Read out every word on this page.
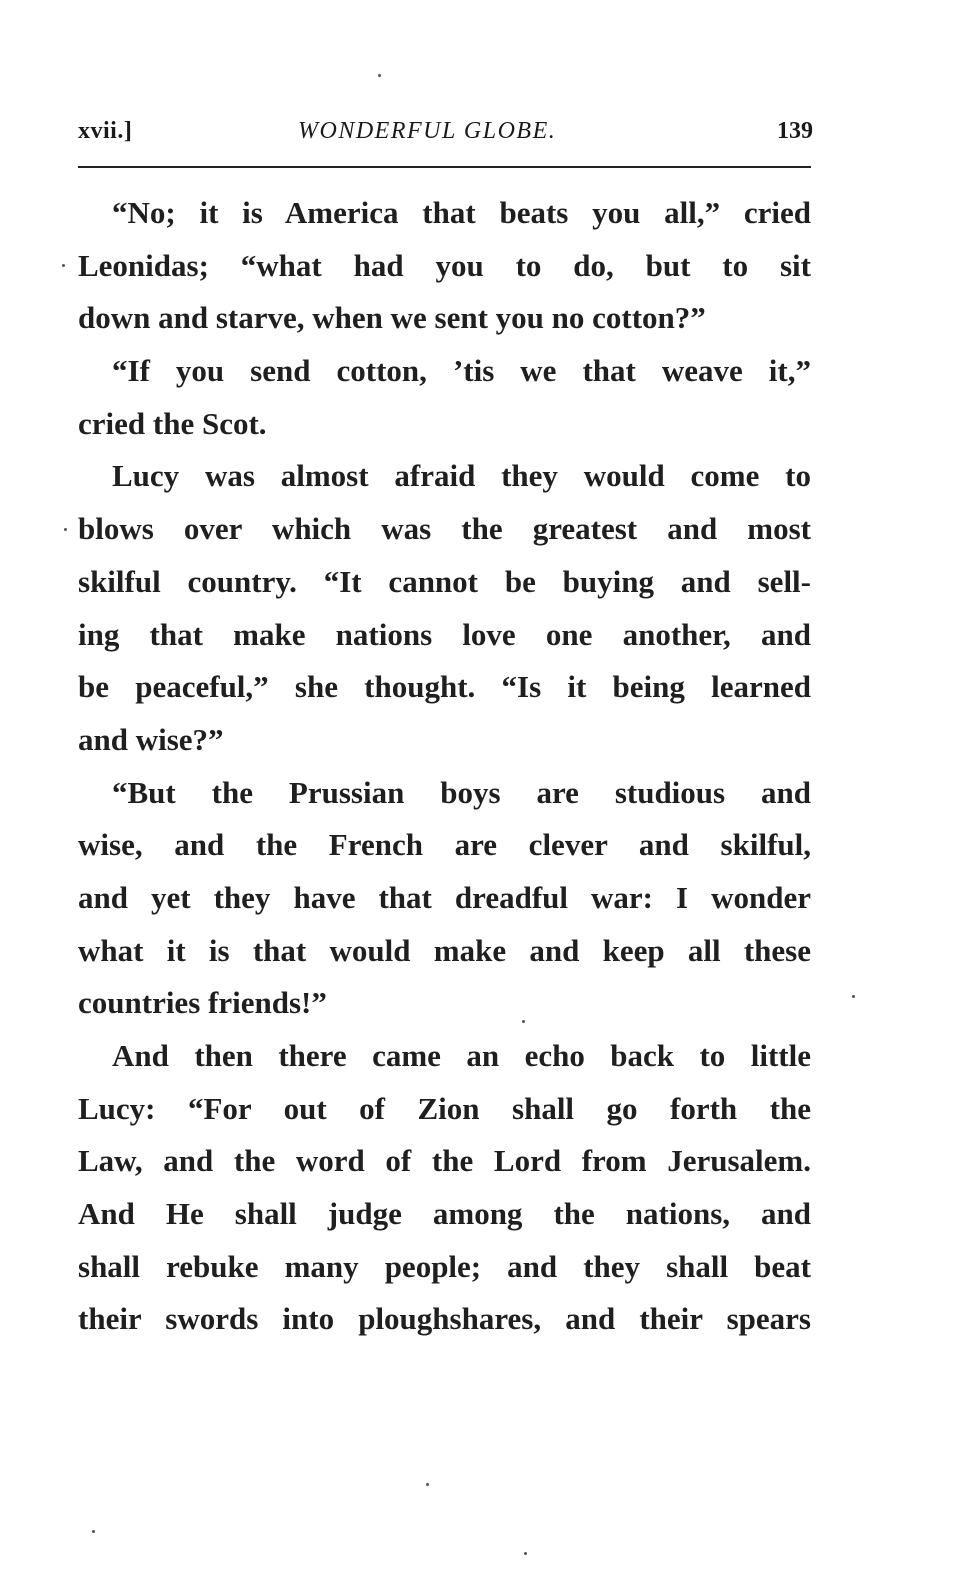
xvii.]	WONDERFUL GLOBE.	139
“No; it is America that beats you all,” cried
Leonidas; “what had you to do, but to sit
down and starve, when we sent you no cotton?”
“If you send cotton, ’tis we that weave it,”
cried the Scot.
Lucy was almost afraid they would come to
blows over which was the greatest and most
skilful country. “It cannot be buying and sell-
ing that make nations love one another, and
be peaceful,” she thought. “Is it being learned
and wise?”
“But the Prussian boys are studious and
wise, and the French are clever and skilful,
and yet they have that dreadful war: I wonder
what it is that would make and keep all these
countries friends!”
And then there came an echo back to little
Lucy: “For out of Zion shall go forth the
Law, and the word of the Lord from Jerusalem.
And He shall judge among the nations, and
shall rebuke many people; and they shall beat
their swords into ploughshares, and their spears
